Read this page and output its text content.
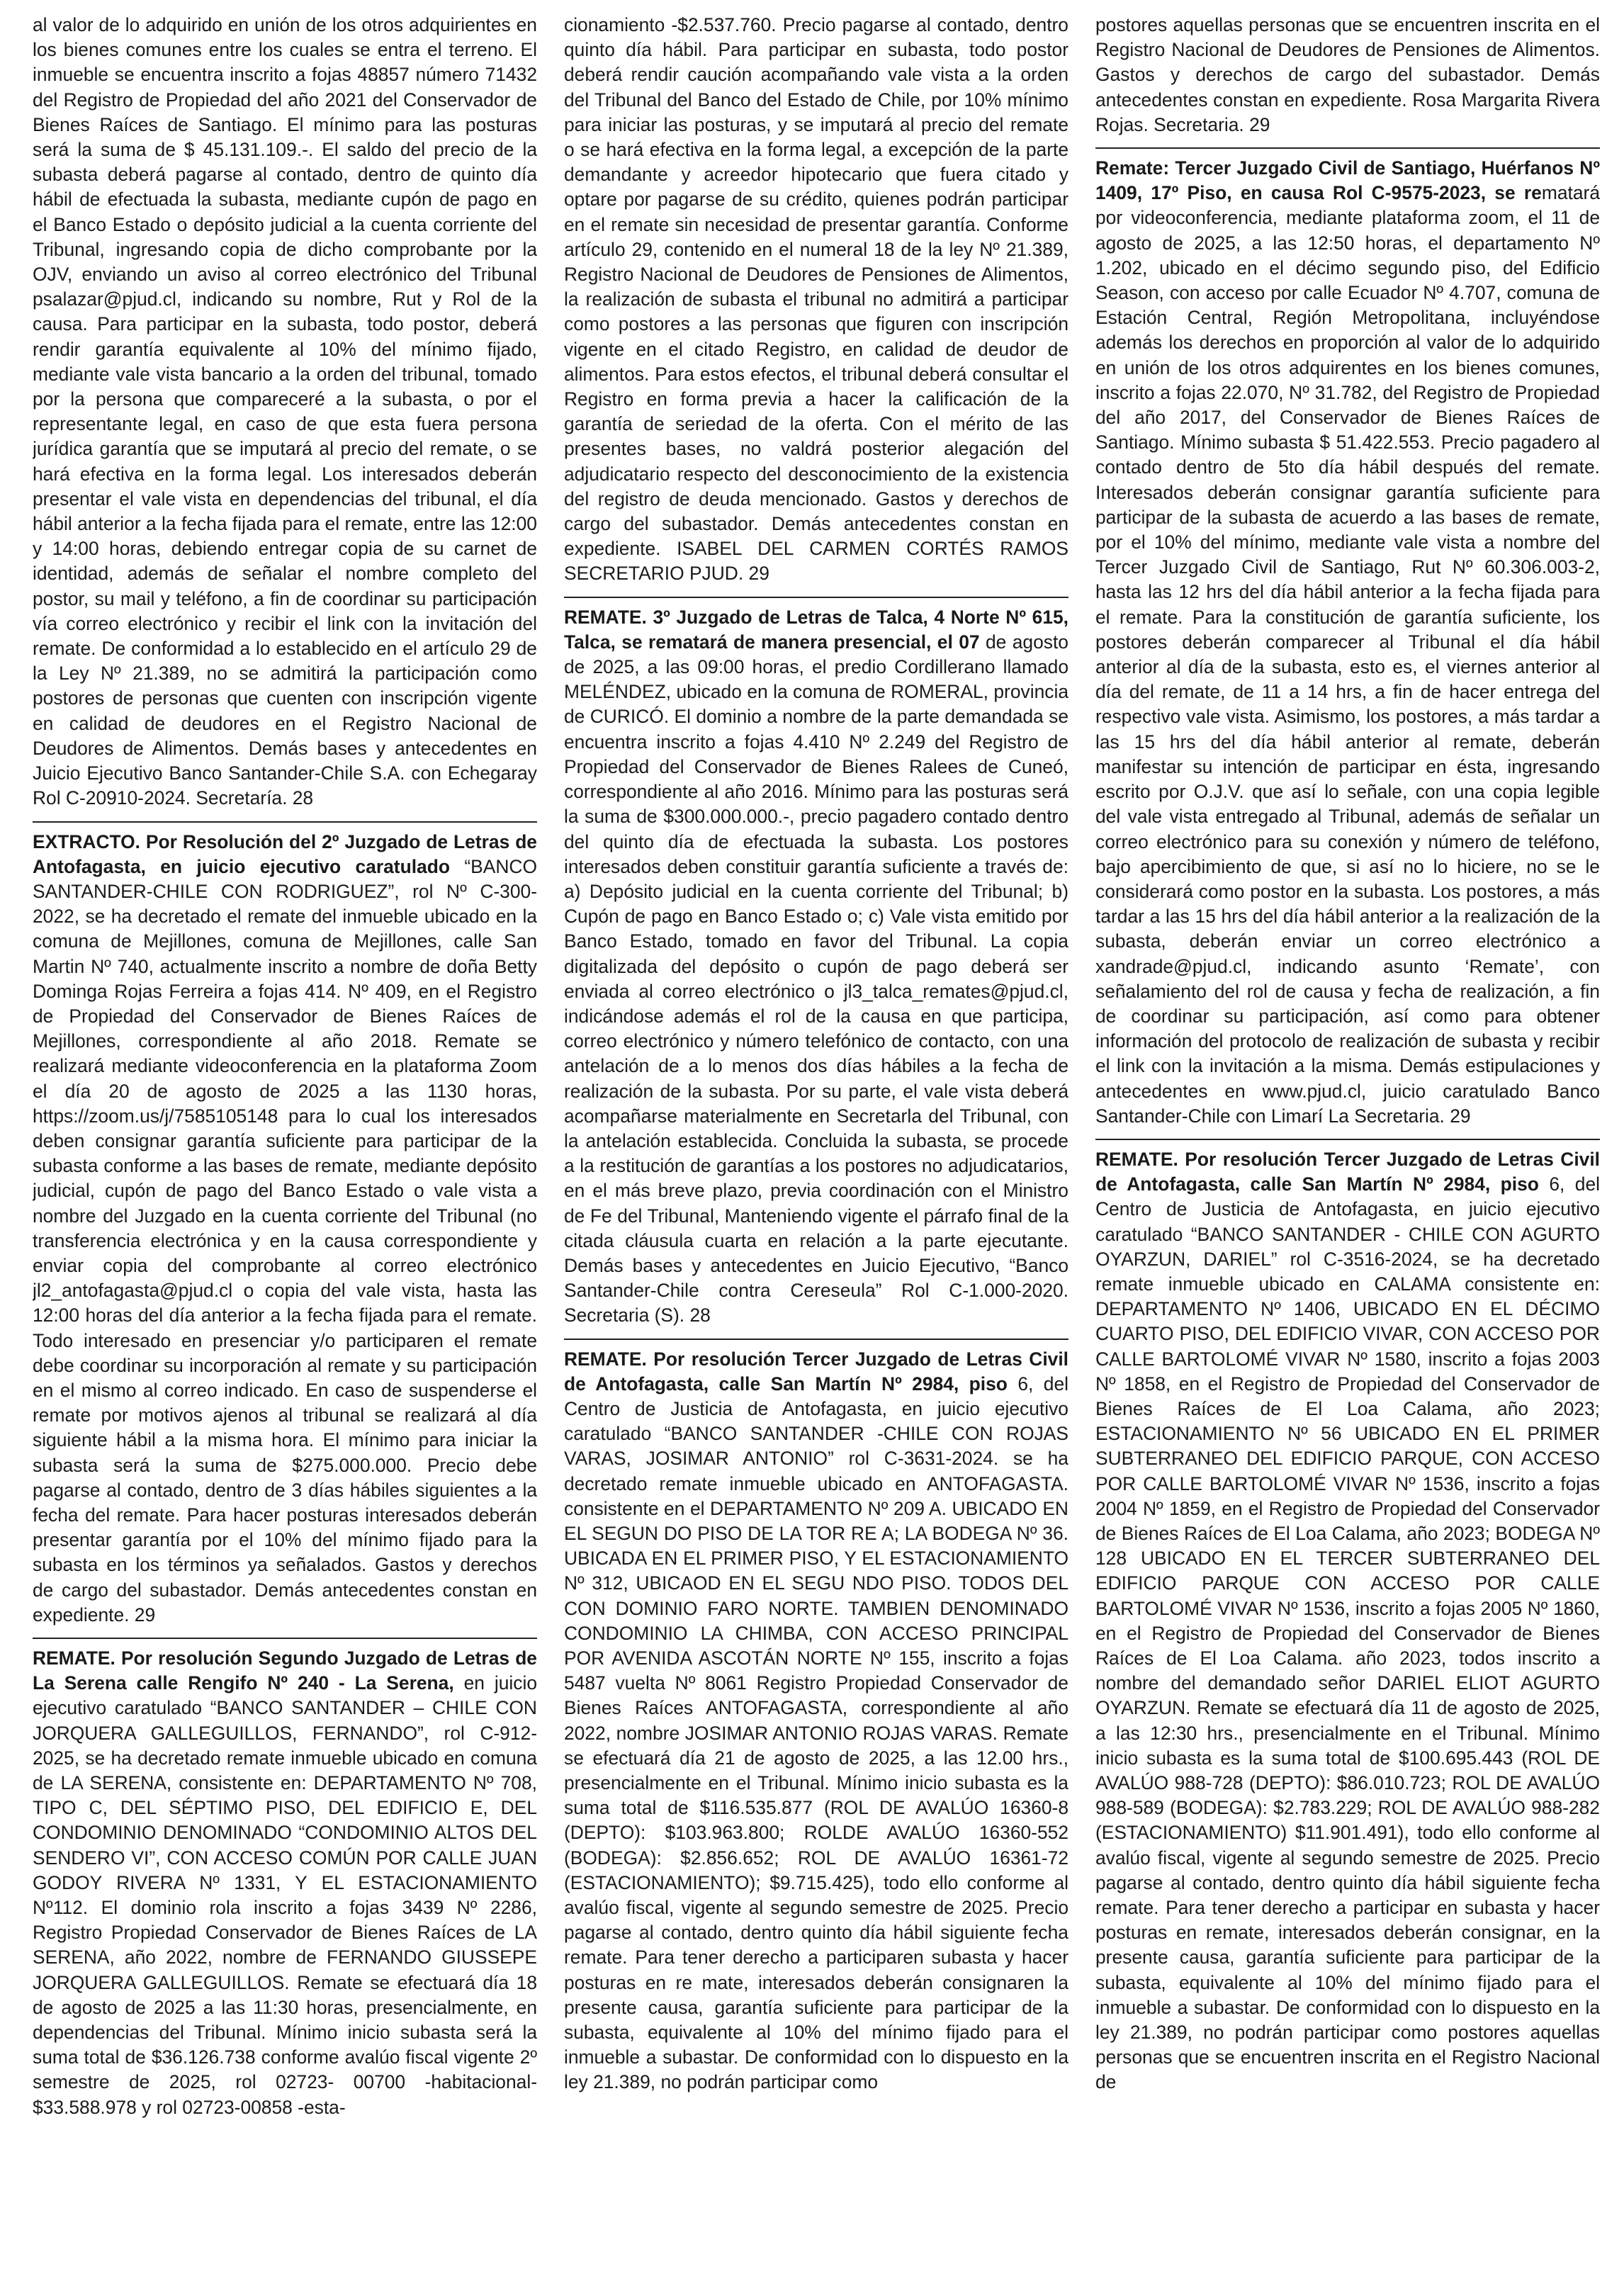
al valor de lo adquirido en unión de los otros adquirientes en los bienes comunes entre los cuales se entra el terreno. El inmueble se encuentra inscrito a fojas 48857 número 71432 del Registro de Propiedad del año 2021 del Conservador de Bienes Raíces de Santiago. El mínimo para las posturas será la suma de $ 45.131.109.-. El saldo del precio de la subasta deberá pagarse al contado, dentro de quinto día hábil de efectuada la subasta, mediante cupón de pago en el Banco Estado o depósito judicial a la cuenta corriente del Tribunal, ingresando copia de dicho comprobante por la OJV, enviando un aviso al correo electrónico del Tribunal psalazar@pjud.cl, indicando su nombre, Rut y Rol de la causa. Para participar en la subasta, todo postor, deberá rendir garantía equivalente al 10% del mínimo fijado, mediante vale vista bancario a la orden del tribunal, tomado por la persona que compareceré a la subasta, o por el representante legal, en caso de que esta fuera persona jurídica garantía que se imputará al precio del remate, o se hará efectiva en la forma legal. Los interesados deberán presentar el vale vista en dependencias del tribunal, el día hábil anterior a la fecha fijada para el remate, entre las 12:00 y 14:00 horas, debiendo entregar copia de su carnet de identidad, además de señalar el nombre completo del postor, su mail y teléfono, a fin de coordinar su participación vía correo electrónico y recibir el link con la invitación del remate. De conformidad a lo establecido en el artículo 29 de la Ley Nº 21.389, no se admitirá la participación como postores de personas que cuenten con inscripción vigente en calidad de deudores en el Registro Nacional de Deudores de Alimentos. Demás bases y antecedentes en Juicio Ejecutivo Banco Santander-Chile S.A. con Echegaray Rol C-20910-2024. Secretaría. 28

EXTRACTO. Por Resolución del 2º Juzgado de Letras de Antofagasta, en juicio ejecutivo caratulado “BANCO SANTANDER-CHILE CON RODRIGUEZ”, rol Nº C-300-2022, se ha decretado el remate del inmueble ubicado en la comuna de Mejillones, comuna de Mejillones, calle San Martin Nº 740, actualmente inscrito a nombre de doña Betty Dominga Rojas Ferreira a fojas 414. Nº 409, en el Registro de Propiedad del Conservador de Bienes Raíces de Mejillones, correspondiente al año 2018. Remate se realizará mediante videoconferencia en la plataforma Zoom el día 20 de agosto de 2025 a las 1130 horas, https://zoom.us/j/7585105148 para lo cual los interesados deben consignar garantía suficiente para participar de la subasta conforme a las bases de remate, mediante depósito judicial, cupón de pago del Banco Estado o vale vista a nombre del Juzgado en la cuenta corriente del Tribunal (no transferencia electrónica y en la causa correspondiente y enviar copia del comprobante al correo electrónico jl2_antofagasta@pjud.cl o copia del vale vista, hasta las 12:00 horas del día anterior a la fecha fijada para el remate. Todo interesado en presenciar y/o participaren el remate debe coordinar su incorporación al remate y su participación en el mismo al correo indicado. En caso de suspenderse el remate por motivos ajenos al tribunal se realizará al día siguiente hábil a la misma hora. El mínimo para iniciar la subasta será la suma de $275.000.000. Precio debe pagarse al contado, dentro de 3 días hábiles siguientes a la fecha del remate. Para hacer posturas interesados deberán presentar garantía por el 10% del mínimo fijado para la subasta en los términos ya señalados. Gastos y derechos de cargo del subastador. Demás antecedentes constan en expediente. 29

REMATE. Por resolución Segundo Juzgado de Letras de La Serena calle Rengifo Nº 240 - La Serena, en juicio ejecutivo caratulado “BANCO SANTANDER – CHILE CON JORQUERA GALLEGUILLOS, FERNANDO”, rol C-912-2025, se ha decretado remate inmueble ubicado en comuna de LA SERENA, consistente en: DEPARTAMENTO Nº 708, TIPO C, DEL SÉPTIMO PISO, DEL EDIFICIO E, DEL CONDOMINIO DENOMINADO “CONDOMINIO ALTOS DEL SENDERO VI”, CON ACCESO COMÚN POR CALLE JUAN GODOY RIVERA Nº 1331, Y EL ESTACIONAMIENTO Nº112. El dominio rola inscrito a fojas 3439 Nº 2286, Registro Propiedad Conservador de Bienes Raíces de LA SERENA, año 2022, nombre de FERNANDO GIUSSEPE JORQUERA GALLEGUILLOS. Remate se efectuará día 18 de agosto de 2025 a las 11:30 horas, presencialmente, en dependencias del Tribunal. Mínimo inicio subasta será la suma total de $36.126.738 conforme avalúo fiscal vigente 2º semestre de 2025, rol 02723- 00700 -habitacional- $33.588.978 y rol 02723-00858 -esta-

cionamiento -$2.537.760. Precio pagarse al contado, dentro quinto día hábil. Para participar en subasta, todo postor deberá rendir caución acompañando vale vista a la orden del Tribunal del Banco del Estado de Chile, por 10% mínimo para iniciar las posturas, y se imputará al precio del remate o se hará efectiva en la forma legal, a excepción de la parte demandante y acreedor hipotecario que fuera citado y optare por pagarse de su crédito, quienes podrán participar en el remate sin necesidad de presentar garantía. Conforme artículo 29, contenido en el numeral 18 de la ley Nº 21.389, Registro Nacional de Deudores de Pensiones de Alimentos, la realización de subasta el tribunal no admitirá a participar como postores a las personas que figuren con inscripción vigente en el citado Registro, en calidad de deudor de alimentos. Para estos efectos, el tribunal deberá consultar el Registro en forma previa a hacer la calificación de la garantía de seriedad de la oferta. Con el mérito de las presentes bases, no valdrá posterior alegación del adjudicatario respecto del desconocimiento de la existencia del registro de deuda mencionado. Gastos y derechos de cargo del subastador. Demás antecedentes constan en expediente. ISABEL DEL CARMEN CORTÉS RAMOS SECRETARIO PJUD. 29

REMATE. 3º Juzgado de Letras de Talca, 4 Norte Nº 615, Talca, se rematará de manera presencial, el 07 de agosto de 2025, a las 09:00 horas, el predio Cordillerano llamado MELÉNDEZ, ubicado en la comuna de ROMERAL, provincia de CURICÓ. El dominio a nombre de la parte demandada se encuentra inscrito a fojas 4.410 Nº 2.249 del Registro de Propiedad del Conservador de Bienes Ralees de Cuneó, correspondiente al año 2016. Mínimo para las posturas será la suma de $300.000.000.-, precio pagadero contado dentro del quinto día de efectuada la subasta. Los postores interesados deben constituir garantía suficiente a través de: a) Depósito judicial en la cuenta corriente del Tribunal; b) Cupón de pago en Banco Estado o; c) Vale vista emitido por Banco Estado, tomado en favor del Tribunal. La copia digitalizada del depósito o cupón de pago deberá ser enviada al correo electrónico o jl3_talca_remates@pjud.cl, indicándose además el rol de la causa en que participa, correo electrónico y número telefónico de contacto, con una antelación de a lo menos dos días hábiles a la fecha de realización de la subasta. Por su parte, el vale vista deberá acompañarse materialmente en Secretarla del Tribunal, con la antelación establecida. Concluida la subasta, se procede a la restitución de garantías a los postores no adjudicatarios, en el más breve plazo, previa coordinación con el Ministro de Fe del Tribunal, Manteniendo vigente el párrafo final de la citada cláusula cuarta en relación a la parte ejecutante. Demás bases y antecedentes en Juicio Ejecutivo, “Banco Santander-Chile contra Cereseula” Rol C-1.000-2020. Secretaria (S). 28

REMATE. Por resolución Tercer Juzgado de Letras Civil de Antofagasta, calle San Martín Nº 2984, piso 6, del Centro de Justicia de Antofagasta, en juicio ejecutivo caratulado “BANCO SANTANDER -CHILE CON ROJAS VARAS, JOSIMAR ANTONIO” rol C-3631-2024. se ha decretado remate inmueble ubicado en ANTOFAGASTA. consistente en el DEPARTAMENTO Nº 209 A. UBICADO EN EL SEGUN DO PISO DE LA TOR RE A; LA BODEGA Nº 36. UBICADA EN EL PRIMER PISO, Y EL ESTACIONAMIENTO Nº 312, UBICAOD EN EL SEGU NDO PISO. TODOS DEL CON DOMINIO FARO NORTE. TAMBIEN DENOMINADO CONDOMINIO LA CHIMBA, CON ACCESO PRINCIPAL POR AVENIDA ASCOTÁN NORTE Nº 155, inscrito a fojas 5487 vuelta Nº 8061 Registro Propiedad Conservador de Bienes Raíces ANTOFAGASTA, correspondiente al año 2022, nombre JOSIMAR ANTONIO ROJAS VARAS. Remate se efectuará día 21 de agosto de 2025, a las 12.00 hrs., presencialmente en el Tribunal. Mínimo inicio subasta es la suma total de $116.535.877 (ROL DE AVALÚO 16360-8 (DEPTO): $103.963.800; ROLDE AVALÚO 16360-552 (BODEGA): $2.856.652; ROL DE AVALÚO 16361-72 (ESTACIONAMIENTO); $9.715.425), todo ello conforme al avalúo fiscal, vigente al segundo semestre de 2025. Precio pagarse al contado, dentro quinto día hábil siguiente fecha remate. Para tener derecho a participaren subasta y hacer posturas en re mate, interesados deberán consignaren la presente causa, garantía suficiente para participar de la subasta, equivalente al 10% del mínimo fijado para el inmueble a subastar. De conformidad con lo dispuesto en la ley 21.389, no podrán participar como

postores aquellas personas que se encuentren inscrita en el Registro Nacional de Deudores de Pensiones de Alimentos. Gastos y derechos de cargo del subastador. Demás antecedentes constan en expediente. Rosa Margarita Rivera Rojas. Secretaria. 29

Remate: Tercer Juzgado Civil de Santiago, Huérfanos Nº 1409, 17º Piso, en causa Rol C-9575-2023, se rematará por videoconferencia, mediante plataforma zoom, el 11 de agosto de 2025, a las 12:50 horas, el departamento Nº 1.202, ubicado en el décimo segundo piso, del Edificio Season, con acceso por calle Ecuador Nº 4.707, comuna de Estación Central, Región Metropolitana, incluyéndose además los derechos en proporción al valor de lo adquirido en unión de los otros adquirentes en los bienes comunes, inscrito a fojas 22.070, Nº 31.782, del Registro de Propiedad del año 2017, del Conservador de Bienes Raíces de Santiago. Mínimo subasta $ 51.422.553. Precio pagadero al contado dentro de 5to día hábil después del remate. Interesados deberán consignar garantía suficiente para participar de la subasta de acuerdo a las bases de remate, por el 10% del mínimo, mediante vale vista a nombre del Tercer Juzgado Civil de Santiago, Rut Nº 60.306.003-2, hasta las 12 hrs del día hábil anterior a la fecha fijada para el remate. Para la constitución de garantía suficiente, los postores deberán comparecer al Tribunal el día hábil anterior al día de la subasta, esto es, el viernes anterior al día del remate, de 11 a 14 hrs, a fin de hacer entrega del respectivo vale vista. Asimismo, los postores, a más tardar a las 15 hrs del día hábil anterior al remate, deberán manifestar su intención de participar en ésta, ingresando escrito por O.J.V. que así lo señale, con una copia legible del vale vista entregado al Tribunal, además de señalar un correo electrónico para su conexión y número de teléfono, bajo apercibimiento de que, si así no lo hiciere, no se le considerará como postor en la subasta. Los postores, a más tardar a las 15 hrs del día hábil anterior a la realización de la subasta, deberán enviar un correo electrónico a xandrade@pjud.cl, indicando asunto ‘Remate’, con señalamiento del rol de causa y fecha de realización, a fin de coordinar su participación, así como para obtener información del protocolo de realización de subasta y recibir el link con la invitación a la misma. Demás estipulaciones y antecedentes en www.pjud.cl, juicio caratulado Banco Santander-Chile con Limarí La Secretaria. 29

REMATE. Por resolución Tercer Juzgado de Letras Civil de Antofagasta, calle San Martín Nº 2984, piso 6, del Centro de Justicia de Antofagasta, en juicio ejecutivo caratulado “BANCO SANTANDER - CHILE CON AGURTO OYARZUN, DARIEL” rol C-3516-2024, se ha decretado remate inmueble ubicado en CALAMA consistente en: DEPARTAMENTO Nº 1406, UBICADO EN EL DÉCIMO CUARTO PISO, DEL EDIFICIO VIVAR, CON ACCESO POR CALLE BARTOLOMÉ VIVAR Nº 1580, inscrito a fojas 2003 Nº 1858, en el Registro de Propiedad del Conservador de Bienes Raíces de El Loa Calama, año 2023; ESTACIONAMIENTO Nº 56 UBICADO EN EL PRIMER SUBTERRANEO DEL EDIFICIO PARQUE, CON ACCESO POR CALLE BARTOLOMÉ VIVAR Nº 1536, inscrito a fojas 2004 Nº 1859, en el Registro de Propiedad del Conservador de Bienes Raíces de El Loa Calama, año 2023; BODEGA Nº 128 UBICADO EN EL TERCER SUBTERRANEO DEL EDIFICIO PARQUE CON ACCESO POR CALLE BARTOLOMÉ VIVAR Nº 1536, inscrito a fojas 2005 Nº 1860, en el Registro de Propiedad del Conservador de Bienes Raíces de El Loa Calama. año 2023, todos inscrito a nombre del demandado señor DARIEL ELIOT AGURTO OYARZUN. Remate se efectuará día 11 de agosto de 2025, a las 12:30 hrs., presencialmente en el Tribunal. Mínimo inicio subasta es la suma total de $100.695.443 (ROL DE AVALÚO 988-728 (DEPTO): $86.010.723; ROL DE AVALÚO 988-589 (BODEGA): $2.783.229; ROL DE AVALÚO 988-282 (ESTACIONAMIENTO) $11.901.491), todo ello conforme al avalúo fiscal, vigente al segundo semestre de 2025. Precio pagarse al contado, dentro quinto día hábil siguiente fecha remate. Para tener derecho a participar en subasta y hacer posturas en remate, interesados deberán consignar, en la presente causa, garantía suficiente para participar de la subasta, equivalente al 10% del mínimo fijado para el inmueble a subastar. De conformidad con lo dispuesto en la ley 21.389, no podrán participar como postores aquellas personas que se encuentren inscrita en el Registro Nacional de
